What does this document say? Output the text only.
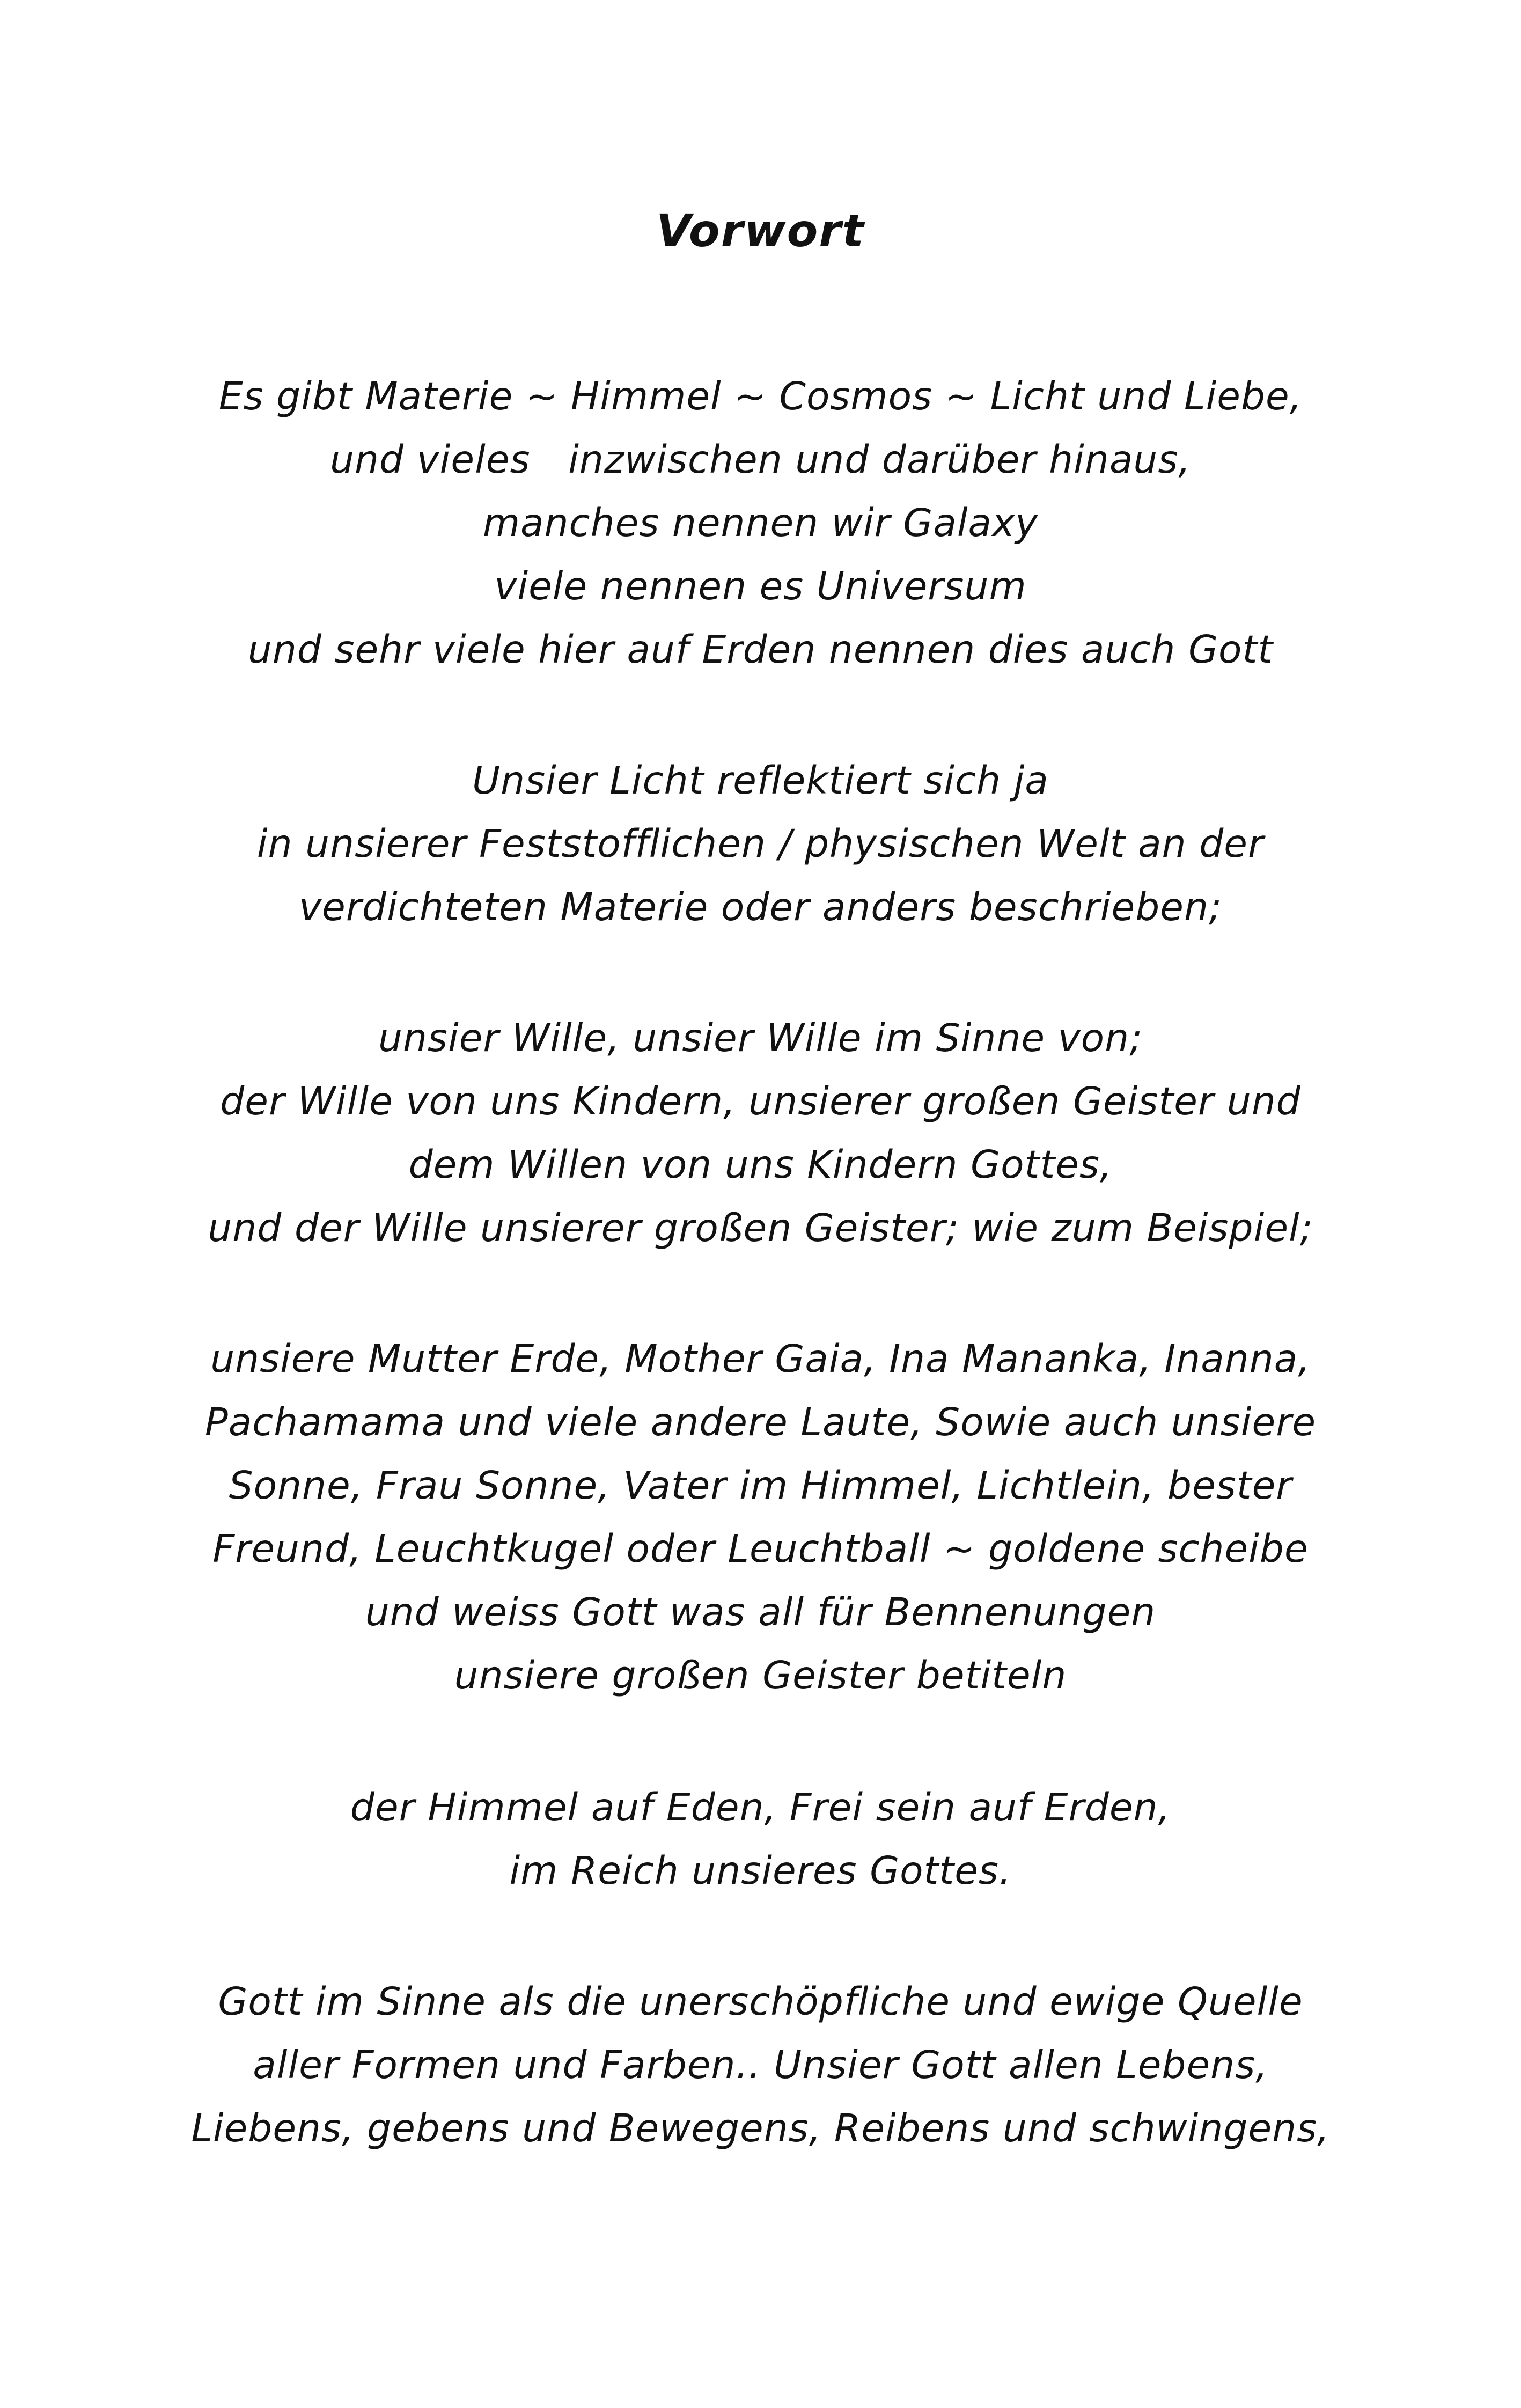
Vorwort
Es gibt Materie ~ Himmel ~ Cosmos ~ Licht und Liebe,
und vieles   inzwischen und darüber hinaus,
manches nennen wir Galaxy
viele nennen es Universum
und sehr viele hier auf Erden nennen dies auch Gott
Unsier Licht reflektiert sich ja
in unsierer Feststofflichen / physischen Welt an der
verdichteten Materie oder anders beschrieben;
unsier Wille, unsier Wille im Sinne von;
der Wille von uns Kindern, unsierer großen Geister und
dem Willen von uns Kindern Gottes,
und der Wille unsierer großen Geister; wie zum Beispiel;
unsiere Mutter Erde, Mother Gaia, Ina Mananka, Inanna,
Pachamama und viele andere Laute, Sowie auch unsiere
Sonne, Frau Sonne, Vater im Himmel, Lichtlein, bester
Freund, Leuchtkugel oder Leuchtball ~ goldene scheibe
und weiss Gott was all für Bennenungen
unsiere großen Geister betiteln
der Himmel auf Eden, Frei sein auf Erden,
im Reich unsieres Gottes.
Gott im Sinne als die unerschöpfliche und ewige Quelle
aller Formen und Farben.. Unsier Gott allen Lebens,
Liebens, gebens und Bewegens, Reibens und schwingens,
